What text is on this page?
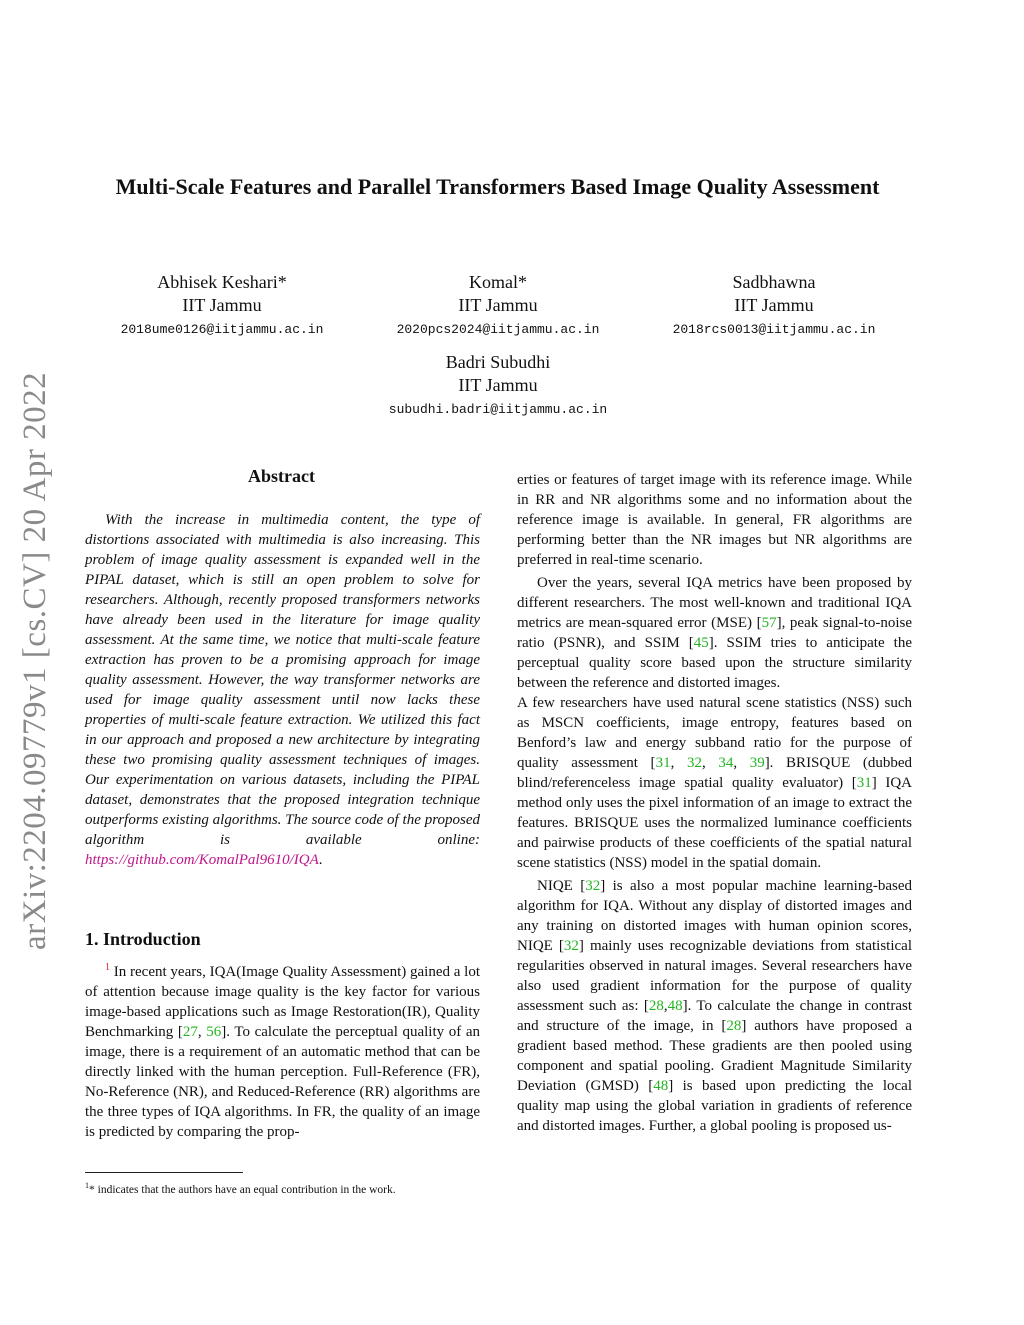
arXiv:2204.09779v1 [cs.CV] 20 Apr 2022
Multi-Scale Features and Parallel Transformers Based Image Quality Assessment
Abhisek Keshari*
IIT Jammu
2018ume0126@iitjammu.ac.in
Komal*
IIT Jammu
2020pcs2024@iitjammu.ac.in
Sadbhawna
IIT Jammu
2018rcs0013@iitjammu.ac.in
Badri Subudhi
IIT Jammu
subudhi.badri@iitjammu.ac.in
Abstract

With the increase in multimedia content, the type of distortions associated with multimedia is also increasing. This problem of image quality assessment is expanded well in the PIPAL dataset, which is still an open problem to solve for researchers. Although, recently proposed transformers networks have already been used in the literature for image quality assessment. At the same time, we notice that multi-scale feature extraction has proven to be a promising approach for image quality assessment. However, the way transformer networks are used for image quality assessment until now lacks these properties of multi-scale feature extraction. We utilized this fact in our approach and proposed a new architecture by integrating these two promising quality assessment techniques of images. Our experimentation on various datasets, including the PIPAL dataset, demonstrates that the proposed integration technique outperforms existing algorithms. The source code of the proposed algorithm is available online: https://github.com/KomalPal9610/IQA.

1. Introduction

$^1$ In recent years, IQA(Image Quality Assessment) gained a lot of attention because image quality is the key factor for various image-based applications such as Image Restoration(IR), Quality Benchmarking [27, 56]. To calculate the perceptual quality of an image, there is a requirement of an automatic method that can be directly linked with the human perception. Full-Reference (FR), No-Reference (NR), and Reduced-Reference (RR) algorithms are the three types of IQA algorithms. In FR, the quality of an image is predicted by comparing the prop-

erties or features of target image with its reference image. While in RR and NR algorithms some and no information about the reference image is available. In general, FR algorithms are performing better than the NR images but NR algorithms are preferred in real-time scenario.

Over the years, several IQA metrics have been proposed by different researchers. The most well-known and traditional IQA metrics are mean-squared error (MSE) [57], peak signal-to-noise ratio (PSNR), and SSIM [45]. SSIM tries to anticipate the perceptual quality score based upon the structure similarity between the reference and distorted images.

A few researchers have used natural scene statistics (NSS) such as MSCN coefficients, image entropy, features based on Benford’s law and energy subband ratio for the purpose of quality assessment [31, 32, 34, 39]. BRISQUE (dubbed blind/referenceless image spatial quality evaluator) [31] IQA method only uses the pixel information of an image to extract the features. BRISQUE uses the normalized luminance coefficients and pairwise products of these coefficients of the spatial natural scene statistics (NSS) model in the spatial domain.

NIQE [32] is also a most popular machine learning-based algorithm for IQA. Without any display of distorted images and any training on distorted images with human opinion scores, NIQE [32] mainly uses recognizable deviations from statistical regularities observed in natural images. Several researchers have also used gradient information for the purpose of quality assessment such as: [28,48]. To calculate the change in contrast and structure of the image, in [28] authors have proposed a gradient based method. These gradients are then pooled using component and spatial pooling. Gradient Magnitude Similarity Deviation (GMSD) [48] is based upon predicting the local quality map using the global variation in gradients of reference and distorted images. Further, a global pooling is proposed us-

$^1$* indicates that the authors have an equal contribution in the work.
